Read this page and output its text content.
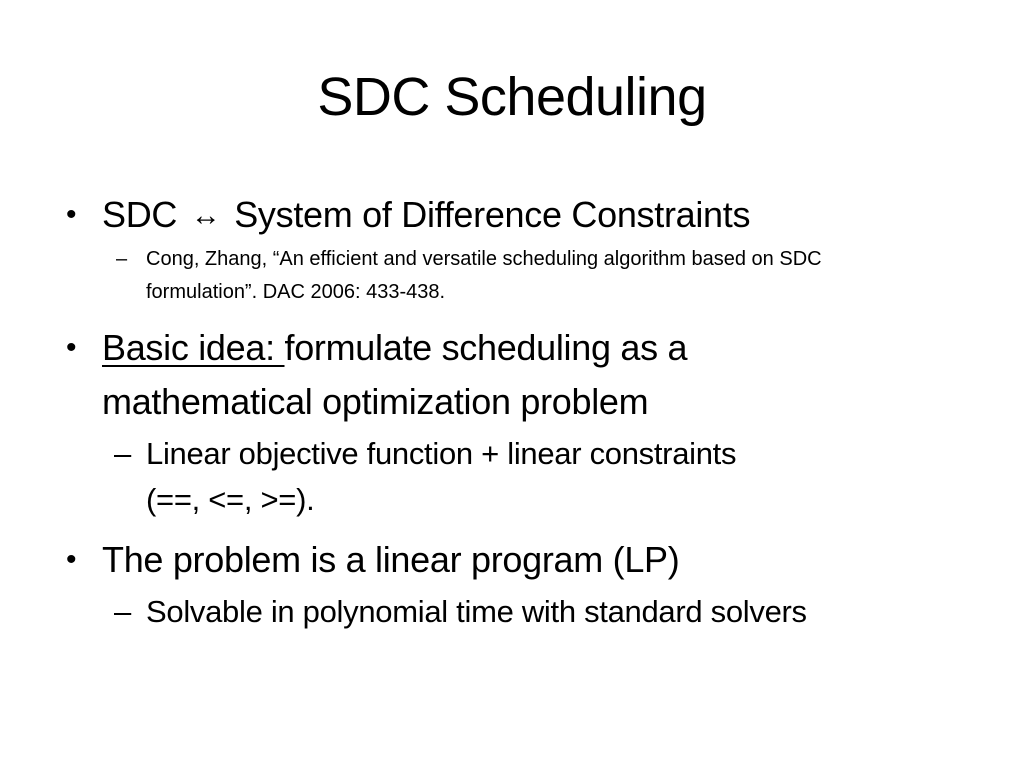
SDC Scheduling
• SDC ↔ System of Difference Constraints
– Cong, Zhang, “An efficient and versatile scheduling algorithm based on SDC
formulation”. DAC 2006: 433-438.
• Basic idea: formulate scheduling as a
mathematical optimization problem
– Linear objective function + linear constraints
(==, <=, >=).
• The problem is a linear program (LP)
– Solvable in polynomial time with standard solvers
